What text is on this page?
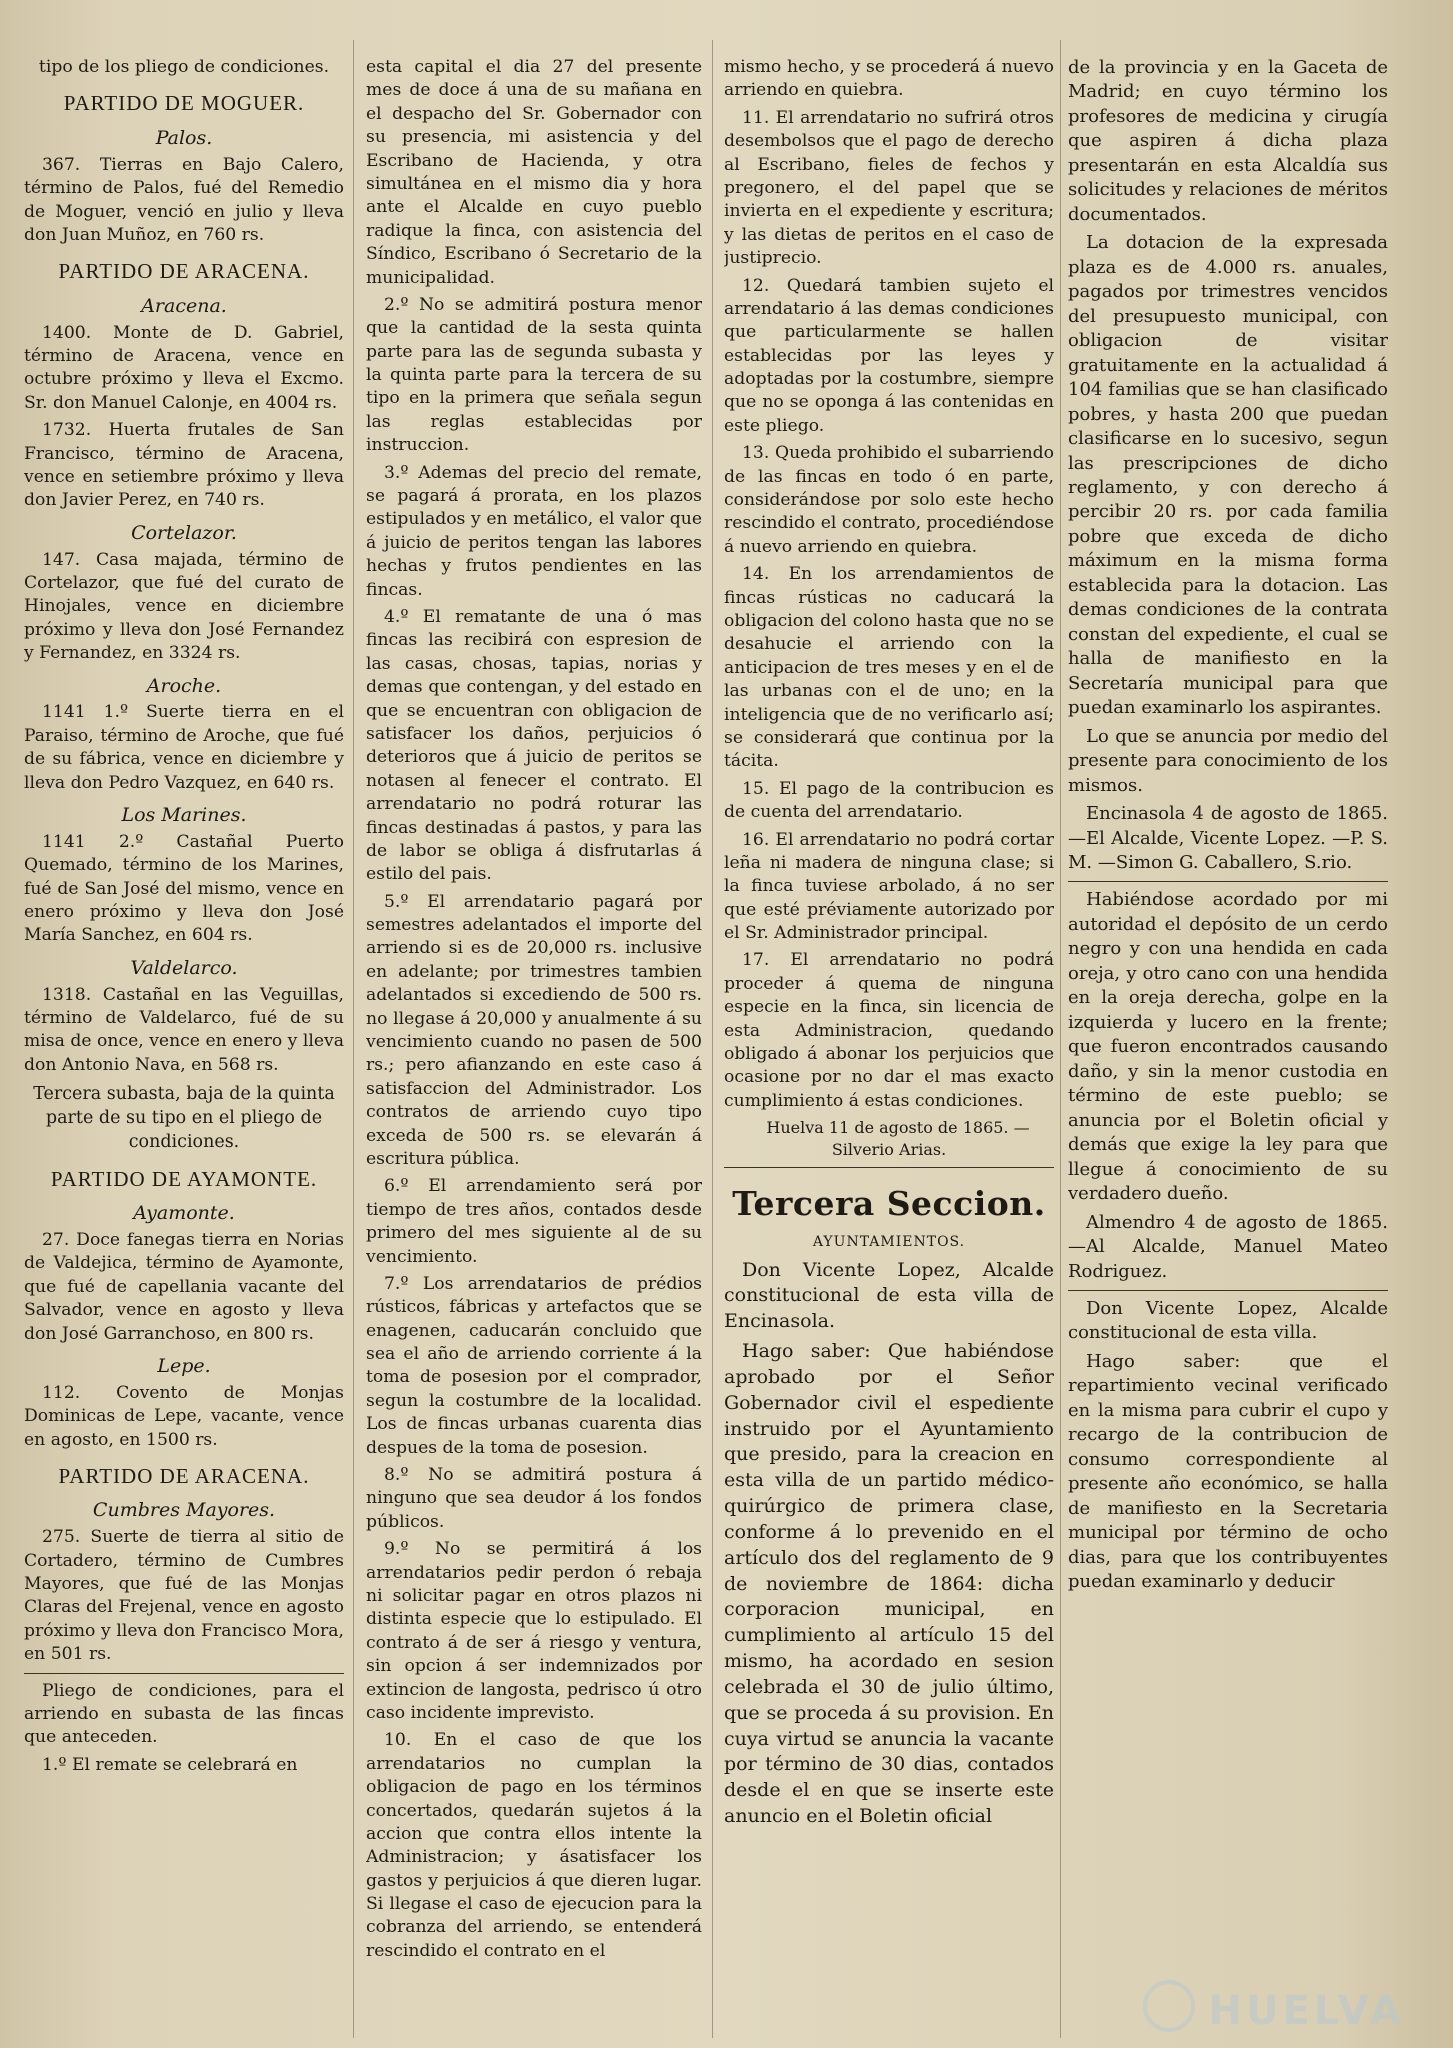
tipo de los pliego de condiciones.

PARTIDO DE MOGUER.
Palos.

367. Tierras en Bajo Calero, término de Palos, fué del Remedio de Moguer, venció en julio y lleva don Juan Muñoz, en 760 rs.

PARTIDO DE ARACENA.
Aracena.

1400. Monte de D. Gabriel, término de Aracena, vence en octubre próximo y lleva el Excmo. Sr. don Manuel Calonje, en 4004 rs.

1732. Huerta frutales de San Francisco, término de Aracena, vence en setiembre próximo y lleva don Javier Perez, en 740 rs.

Cortelazor.

147. Casa majada, término de Cortelazor, que fué del curato de Hinojales, vence en diciembre próximo y lleva don José Fernandez y Fernandez, en 3324 rs.

Aroche.

1141 1.º Suerte tierra en el Paraiso, término de Aroche, que fué de su fábrica, vence en diciembre y lleva don Pedro Vazquez, en 640 rs.

Los Marines.

1141 2.º Castañal Puerto Quemado, término de los Marines, fué de San José del mismo, vence en enero próximo y lleva don José María Sanchez, en 604 rs.

Valdelarco.

1318. Castañal en las Veguillas, término de Valdelarco, fué de su misa de once, vence en enero y lleva don Antonio Nava, en 568 rs.

Tercera subasta, baja de la quinta parte de su tipo en el pliego de condiciones.
PARTIDO DE AYAMONTE.
Ayamonte.

27. Doce fanegas tierra en Norias de Valdejica, término de Ayamonte, que fué de capellania vacante del Salvador, vence en agosto y lleva don José Garranchoso, en 800 rs.

Lepe.

112. Covento de Monjas Dominicas de Lepe, vacante, vence en agosto, en 1500 rs.

PARTIDO DE ARACENA.
Cumbres Mayores.

275. Suerte de tierra al sitio de Cortadero, término de Cumbres Mayores, que fué de las Monjas Claras del Frejenal, vence en agosto próximo y lleva don Francisco Mora, en 501 rs.

Pliego de condiciones, para el arriendo en subasta de las fincas que anteceden.

1.º El remate se celebrará en

esta capital el dia 27 del presente mes de doce á una de su mañana en el despacho del Sr. Gobernador con su presencia, mi asistencia y del Escribano de Hacienda, y otra simultánea en el mismo dia y hora ante el Alcalde en cuyo pueblo radique la finca, con asistencia del Síndico, Escribano ó Secretario de la municipalidad.

2.º No se admitirá postura menor que la cantidad de la sesta quinta parte para las de segunda subasta y la quinta parte para la tercera de su tipo en la primera que señala segun las reglas establecidas por instruccion.

3.º Ademas del precio del remate, se pagará á prorata, en los plazos estipulados y en metálico, el valor que á juicio de peritos tengan las labores hechas y frutos pendientes en las fincas.

4.º El rematante de una ó mas fincas las recibirá con espresion de las casas, chosas, tapias, norias y demas que contengan, y del estado en que se encuentran con obligacion de satisfacer los daños, perjuicios ó deterioros que á juicio de peritos se notasen al fenecer el contrato. El arrendatario no podrá roturar las fincas destinadas á pastos, y para las de labor se obliga á disfrutarlas á estilo del pais.

5.º El arrendatario pagará por semestres adelantados el importe del arriendo si es de 20,000 rs. inclusive en adelante; por trimestres tambien adelantados si excediendo de 500 rs. no llegase á 20,000 y anualmente á su vencimiento cuando no pasen de 500 rs.; pero afianzando en este caso á satisfaccion del Administrador. Los contratos de arriendo cuyo tipo exceda de 500 rs. se elevarán á escritura pública.

6.º El arrendamiento será por tiempo de tres años, contados desde primero del mes siguiente al de su vencimiento.

7.º Los arrendatarios de prédios rústicos, fábricas y artefactos que se enagenen, caducarán concluido que sea el año de arriendo corriente á la toma de posesion por el comprador, segun la costumbre de la localidad. Los de fincas urbanas cuarenta dias despues de la toma de posesion.

8.º No se admitirá postura á ninguno que sea deudor á los fondos públicos.

9.º No se permitirá á los arrendatarios pedir perdon ó rebaja ni solicitar pagar en otros plazos ni distinta especie que lo estipulado. El contrato á de ser á riesgo y ventura, sin opcion á ser indemnizados por extincion de langosta, pedrisco ú otro caso incidente imprevisto.

10. En el caso de que los arrendatarios no cumplan la obligacion de pago en los términos concertados, quedarán sujetos á la accion que contra ellos intente la Administracion; y ásatisfacer los gastos y perjuicios á que dieren lugar. Si llegase el caso de ejecucion para la cobranza del arriendo, se entenderá rescindido el contrato en el

mismo hecho, y se procederá á nuevo arriendo en quiebra.

11. El arrendatario no sufrirá otros desembolsos que el pago de derecho al Escribano, fieles de fechos y pregonero, el del papel que se invierta en el expediente y escritura; y las dietas de peritos en el caso de justiprecio.

12. Quedará tambien sujeto el arrendatario á las demas condiciones que particularmente se hallen establecidas por las leyes y adoptadas por la costumbre, siempre que no se oponga á las contenidas en este pliego.

13. Queda prohibido el subarriendo de las fincas en todo ó en parte, considerándose por solo este hecho rescindido el contrato, procediéndose á nuevo arriendo en quiebra.

14. En los arrendamientos de fincas rústicas no caducará la obligacion del colono hasta que no se desahucie el arriendo con la anticipacion de tres meses y en el de las urbanas con el de uno; en la inteligencia que de no verificarlo así; se considerará que continua por la tácita.

15. El pago de la contribucion es de cuenta del arrendatario.

16. El arrendatario no podrá cortar leña ni madera de ninguna clase; si la finca tuviese arbolado, á no ser que esté préviamente autorizado por el Sr. Administrador principal.

17. El arrendatario no podrá proceder á quema de ninguna especie en la finca, sin licencia de esta Administracion, quedando obligado á abonar los perjuicios que ocasione por no dar el mas exacto cumplimiento á estas condiciones.

Huelva 11 de agosto de 1865. —Silverio Arias.

Tercera Seccion.
AYUNTAMIENTOS.

Don Vicente Lopez, Alcalde constitucional de esta villa de Encinasola.

Hago saber: Que habiéndose aprobado por el Señor Gobernador civil el espediente instruido por el Ayuntamiento que presido, para la creacion en esta villa de un partido médico-quirúrgico de primera clase, conforme á lo prevenido en el artículo dos del reglamento de 9 de noviembre de 1864: dicha corporacion municipal, en cumplimiento al artículo 15 del mismo, ha acordado en sesion celebrada el 30 de julio último, que se proceda á su provision. En cuya virtud se anuncia la vacante por término de 30 dias, contados desde el en que se inserte este anuncio en el Boletin oficial

de la provincia y en la Gaceta de Madrid; en cuyo término los profesores de medicina y cirugía que aspiren á dicha plaza presentarán en esta Alcaldía sus solicitudes y relaciones de méritos documentados.

La dotacion de la expresada plaza es de 4.000 rs. anuales, pagados por trimestres vencidos del presupuesto municipal, con obligacion de visitar gratuitamente en la actualidad á 104 familias que se han clasificado pobres, y hasta 200 que puedan clasificarse en lo sucesivo, segun las prescripciones de dicho reglamento, y con derecho á percibir 20 rs. por cada familia pobre que exceda de dicho máximum en la misma forma establecida para la dotacion. Las demas condiciones de la contrata constan del expediente, el cual se halla de manifiesto en la Secretaría municipal para que puedan examinarlo los aspirantes.

Lo que se anuncia por medio del presente para conocimiento de los mismos.

Encinasola 4 de agosto de 1865. —El Alcalde, Vicente Lopez. —P. S. M. —Simon G. Caballero, S.rio.

Habiéndose acordado por mi autoridad el depósito de un cerdo negro y con una hendida en cada oreja, y otro cano con una hendida en la oreja derecha, golpe en la izquierda y lucero en la frente; que fueron encontrados causando daño, y sin la menor custodia en término de este pueblo; se anuncia por el Boletin oficial y demás que exige la ley para que llegue á conocimiento de su verdadero dueño.

Almendro 4 de agosto de 1865. —Al Alcalde, Manuel Mateo Rodriguez.

Don Vicente Lopez, Alcalde constitucional de esta villa.

Hago saber: que el repartimiento vecinal verificado en la misma para cubrir el cupo y recargo de la contribucion de consumo correspondiente al presente año económico, se halla de manifiesto en la Secretaria municipal por término de ocho dias, para que los contribuyentes puedan examinarlo y deducir

HUELVA
